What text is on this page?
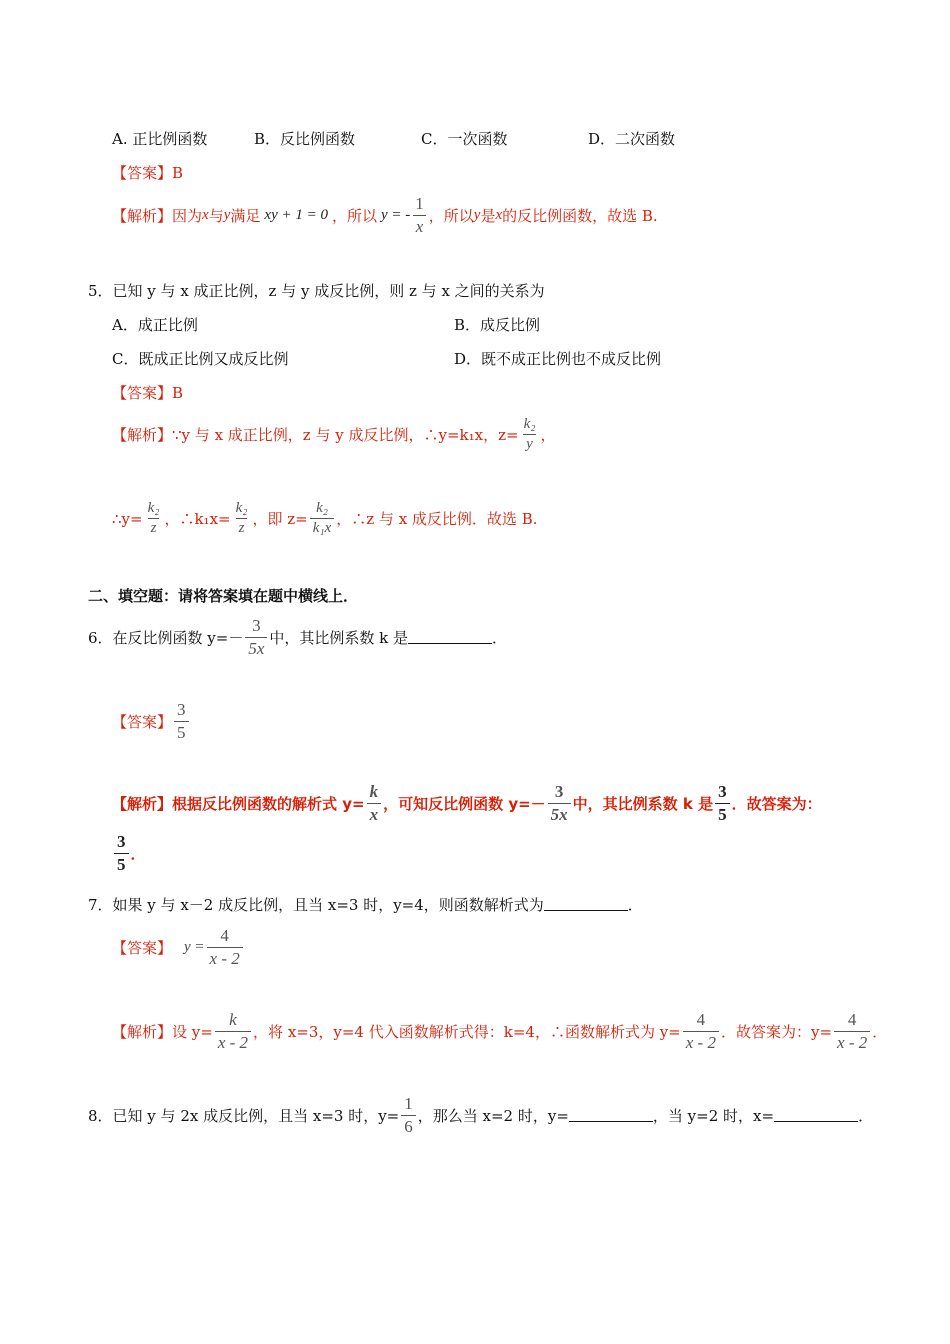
A. 正比例函数	B．反比例函数	C．一次函数	D．二次函数
【答案】B
【解析】 因为 x 与 y 满足 xy + 1 = 0 ，所以 y = - $\frac{1}{x}$ ，所以 y 是 x 的反比例函数，故选 B.
5．已知 y 与 x 成正比例，z 与 y 成反比例，则 z 与 x 之间的关系为
A．成正比例	B．成反比例
C．既成正比例又成反比例	D．既不成正比例也不成反比例
【答案】B
【解析】 ∵y 与 x 成正比例，z 与 y 成反比例，∴y=k₁x，$z= \frac{\text{k₂}}{y}$ ，
∴y= $\frac{\text{k₂}}{z}$ ，∴k₁x= $\frac{\text{k₂}}{z}$ ，即 $z= \frac{\text{k₂}}{\text{k₁x}}$ ，∴z 与 x 成反比例．故选 B.
二、填空题：请将答案填在题中横线上．
6．在反比例函数 $y=- \frac{3}{5x}$ 中，其比例系数 k 是	．
【答案】 $\frac{3}{5}$
【解析】 根据反比例函数的解析式 $y= \frac{k}{x}$ ，可知反比例函数 $y=- \frac{3}{5x}$ 中，其比例系数 k 是 $\frac{3}{5}$ ．故答案为：
$\frac{3}{5}$ ．
7．如果 y 与 x－2 成反比例，且当 x=3 时，y=4，则函数解析式为	．
【答案】 $y = \frac{4}{x - 2}$
【解析】 设 $y= \frac{k}{x - 2}$ ，将 x=3，y=4 代入函数解析式得：k=4，∴函数解析式为 $y= \frac{4}{x - 2}$ ．故答案为：$y= \frac{4}{x - 2}$ ．
8．已知 y 与 2x 成反比例，且当 x=3 时，$y= \frac{1}{6}$ ，那么当 x=2 时，y=	，当 y=2 时，x=	．
